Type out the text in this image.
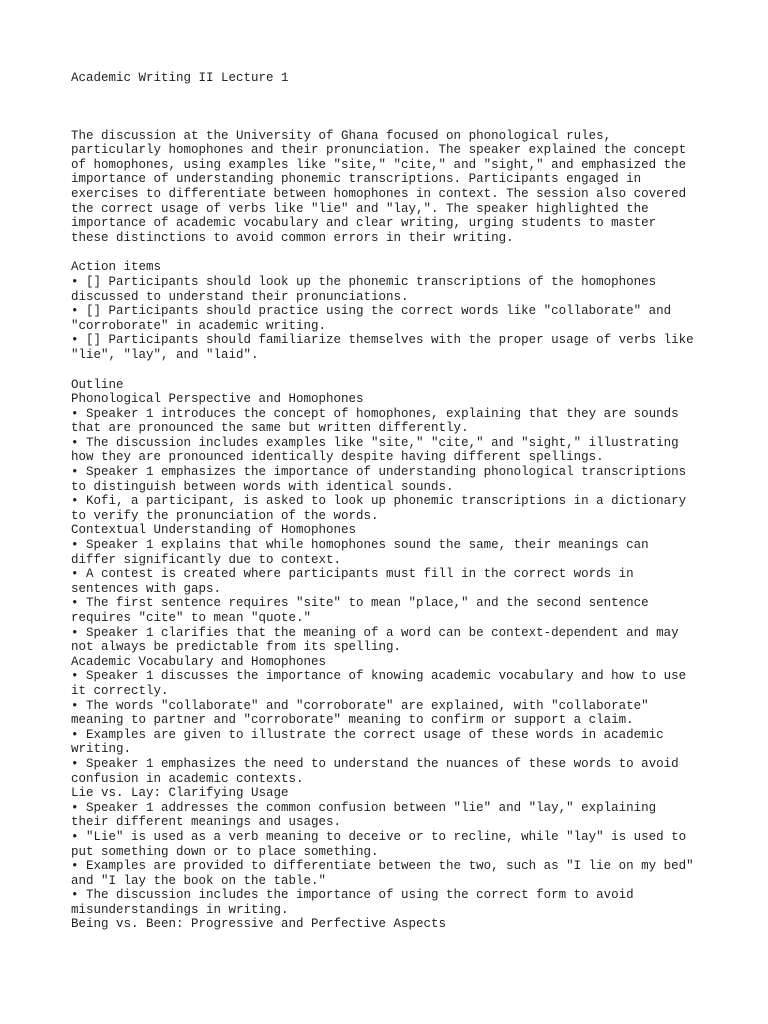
Academic Writing II Lecture 1

The discussion at the University of Ghana focused on phonological rules,
particularly homophones and their pronunciation. The speaker explained the concept
of homophones, using examples like "site," "cite," and "sight," and emphasized the
importance of understanding phonemic transcriptions. Participants engaged in
exercises to differentiate between homophones in context. The session also covered
the correct usage of verbs like "lie" and "lay,". The speaker highlighted the
importance of academic vocabulary and clear writing, urging students to master
these distinctions to avoid common errors in their writing.

Action items

• [] Participants should look up the phonemic transcriptions of the homophones
discussed to understand their pronunciations.

• [] Participants should practice using the correct words like "collaborate" and
"corroborate" in academic writing.

• [] Participants should familiarize themselves with the proper usage of verbs like
"lie", "lay", and "laid".

Outline

Phonological Perspective and Homophones

• Speaker 1 introduces the concept of homophones, explaining that they are sounds
that are pronounced the same but written differently.

• The discussion includes examples like "site," "cite," and "sight," illustrating
how they are pronounced identically despite having different spellings.

• Speaker 1 emphasizes the importance of understanding phonological transcriptions
to distinguish between words with identical sounds.

• Kofi, a participant, is asked to look up phonemic transcriptions in a dictionary
to verify the pronunciation of the words.

Contextual Understanding of Homophones

• Speaker 1 explains that while homophones sound the same, their meanings can
differ significantly due to context.

• A contest is created where participants must fill in the correct words in
sentences with gaps.

• The first sentence requires "site" to mean "place," and the second sentence
requires "cite" to mean "quote."

• Speaker 1 clarifies that the meaning of a word can be context-dependent and may
not always be predictable from its spelling.

Academic Vocabulary and Homophones

• Speaker 1 discusses the importance of knowing academic vocabulary and how to use
it correctly.

• The words "collaborate" and "corroborate" are explained, with "collaborate"
meaning to partner and "corroborate" meaning to confirm or support a claim.

• Examples are given to illustrate the correct usage of these words in academic
writing.

• Speaker 1 emphasizes the need to understand the nuances of these words to avoid
confusion in academic contexts.

Lie vs. Lay: Clarifying Usage

• Speaker 1 addresses the common confusion between "lie" and "lay," explaining
their different meanings and usages.

• "Lie" is used as a verb meaning to deceive or to recline, while "lay" is used to
put something down or to place something.

• Examples are provided to differentiate between the two, such as "I lie on my bed"
and "I lay the book on the table."

• The discussion includes the importance of using the correct form to avoid
misunderstandings in writing.

Being vs. Been: Progressive and Perfective Aspects
